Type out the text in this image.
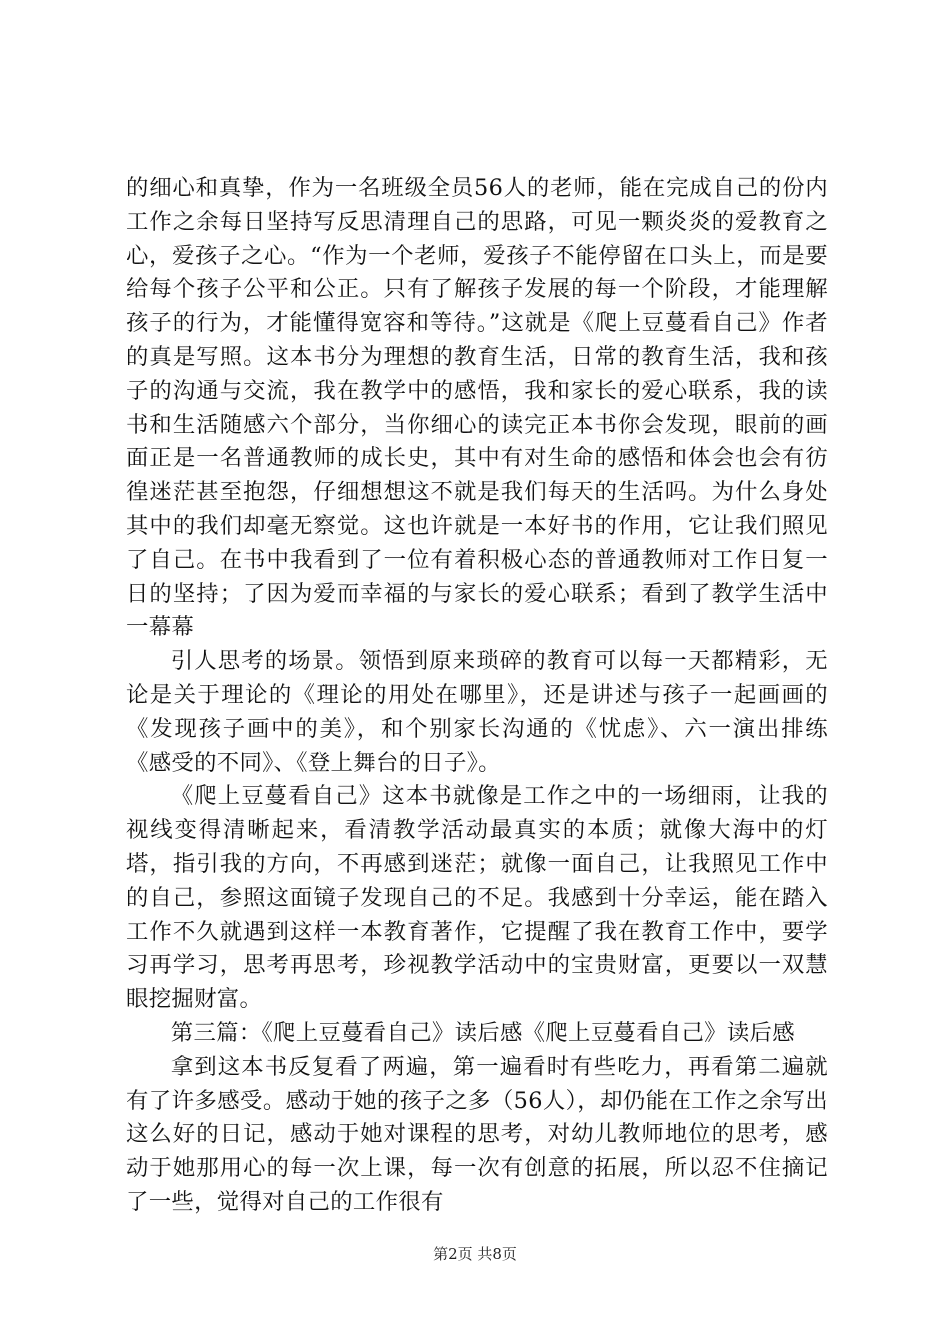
的细心和真挚，作为一名班级全员56人的老师，能在完成自己的份内工作之余每日坚持写反思清理自己的思路，可见一颗炎炎的爱教育之心，爱孩子之心。“作为一个老师，爱孩子不能停留在口头上，而是要给每个孩子公平和公正。只有了解孩子发展的每一个阶段，才能理解孩子的行为，才能懂得宽容和等待。”这就是《爬上豆蔓看自己》作者的真是写照。这本书分为理想的教育生活，日常的教育生活，我和孩子的沟通与交流，我在教学中的感悟，我和家长的爱心联系，我的读书和生活随感六个部分，当你细心的读完正本书你会发现，眼前的画面正是一名普通教师的成长史，其中有对生命的感悟和体会也会有彷徨迷茫甚至抱怨，仔细想想这不就是我们每天的生活吗。为什么身处其中的我们却毫无察觉。这也许就是一本好书的作用，它让我们照见了自己。在书中我看到了一位有着积极心态的普通教师对工作日复一日的坚持；了因为爱而幸福的与家长的爱心联系；看到了教学生活中一幕幕

引人思考的场景。领悟到原来琐碎的教育可以每一天都精彩，无论是关于理论的《理论的用处在哪里》，还是讲述与孩子一起画画的《发现孩子画中的美》，和个别家长沟通的《忧虑》、六一演出排练《感受的不同》、《登上舞台的日子》。

《爬上豆蔓看自己》这本书就像是工作之中的一场细雨，让我的视线变得清晰起来，看清教学活动最真实的本质；就像大海中的灯塔，指引我的方向，不再感到迷茫；就像一面自己，让我照见工作中的自己，参照这面镜子发现自己的不足。我感到十分幸运，能在踏入工作不久就遇到这样一本教育著作，它提醒了我在教育工作中，要学习再学习，思考再思考，珍视教学活动中的宝贵财富，更要以一双慧眼挖掘财富。

第三篇：《爬上豆蔓看自己》读后感《爬上豆蔓看自己》读后感

拿到这本书反复看了两遍，第一遍看时有些吃力，再看第二遍就有了许多感受。感动于她的孩子之多（56人），却仍能在工作之余写出这么好的日记，感动于她对课程的思考，对幼儿教师地位的思考，感动于她那用心的每一次上课，每一次有创意的拓展，所以忍不住摘记了一些，觉得对自己的工作很有

第2页 共8页
